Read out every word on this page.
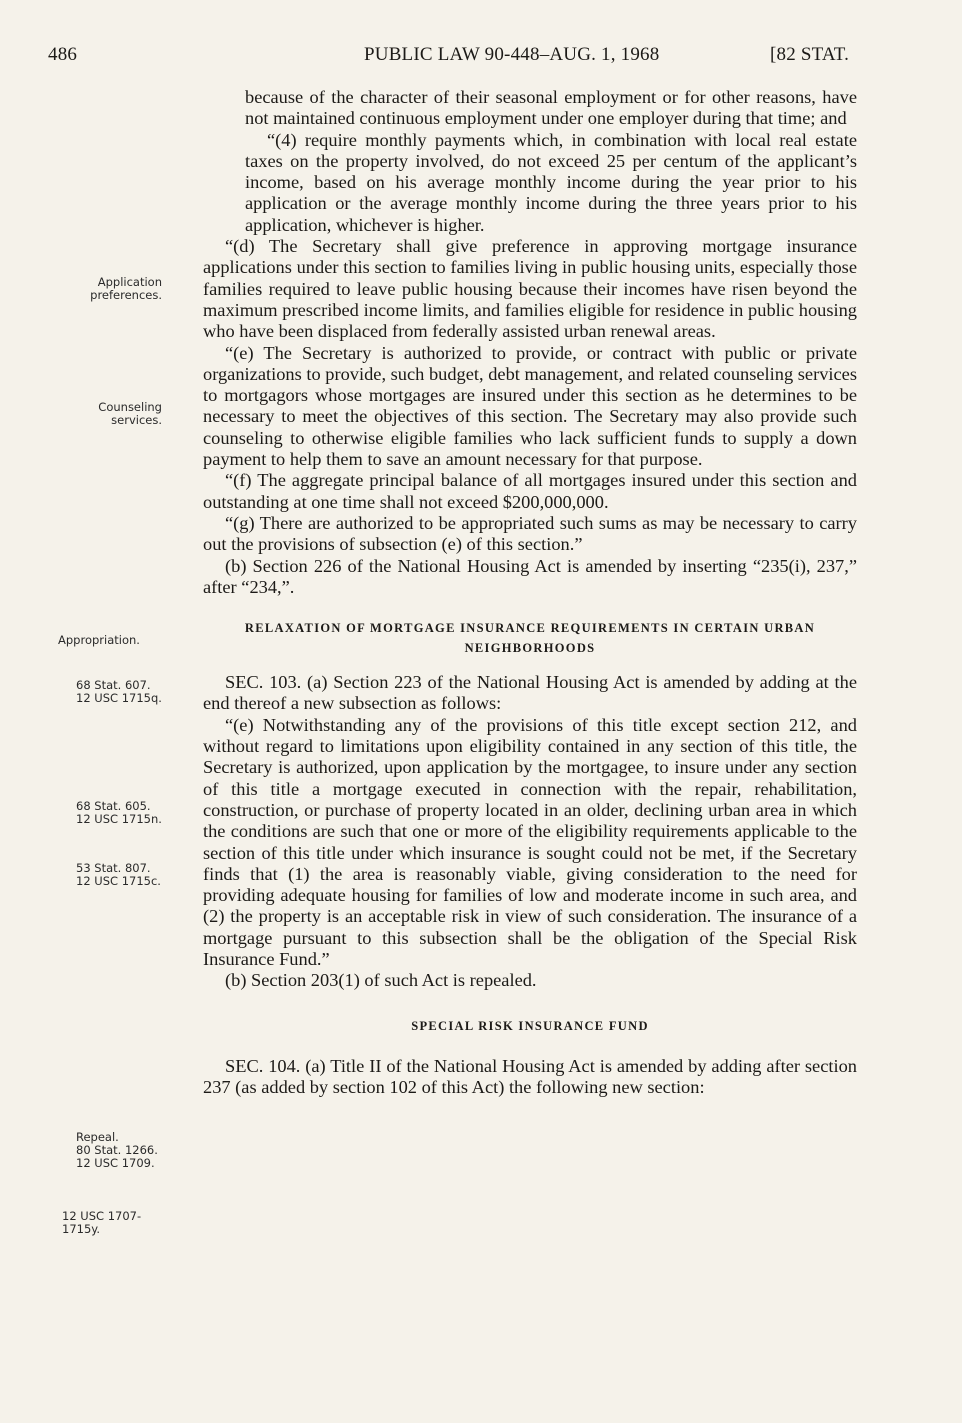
486	PUBLIC LAW 90-448–AUG. 1, 1968	[82 STAT.
Application
preferences.
Counseling
services.
Appropriation.
68 Stat. 607.
12 USC 1715q.
68 Stat. 605.
12 USC 1715n.
53 Stat. 807.
12 USC 1715c.
Repeal.
80 Stat. 1266.
12 USC 1709.
12 USC 1707-
1715y.

because of the character of their seasonal employment or for other reasons, have not maintained continuous employment under one employer during that time; and

“(4) require monthly payments which, in combination with local real estate taxes on the property involved, do not exceed 25 per centum of the applicant’s income, based on his average monthly income during the year prior to his application or the average monthly income during the three years prior to his application, whichever is higher.

“(d) The Secretary shall give preference in approving mortgage insurance applications under this section to families living in public housing units, especially those families required to leave public housing because their incomes have risen beyond the maximum prescribed income limits, and families eligible for residence in public housing who have been displaced from federally assisted urban renewal areas.

“(e) The Secretary is authorized to provide, or contract with public or private organizations to provide, such budget, debt management, and related counseling services to mortgagors whose mortgages are insured under this section as he determines to be necessary to meet the objectives of this section. The Secretary may also provide such counseling to otherwise eligible families who lack sufficient funds to supply a down payment to help them to save an amount necessary for that purpose.

“(f) The aggregate principal balance of all mortgages insured under this section and outstanding at one time shall not exceed $200,000,000.

“(g) There are authorized to be appropriated such sums as may be necessary to carry out the provisions of subsection (e) of this section.”

(b) Section 226 of the National Housing Act is amended by inserting “235(i), 237,” after “234,”.

RELAXATION OF MORTGAGE INSURANCE REQUIREMENTS IN CERTAIN URBAN NEIGHBORHOODS

SEC. 103. (a) Section 223 of the National Housing Act is amended by adding at the end thereof a new subsection as follows:

“(e) Notwithstanding any of the provisions of this title except section 212, and without regard to limitations upon eligibility contained in any section of this title, the Secretary is authorized, upon application by the mortgagee, to insure under any section of this title a mortgage executed in connection with the repair, rehabilitation, construction, or purchase of property located in an older, declining urban area in which the conditions are such that one or more of the eligibility requirements applicable to the section of this title under which insurance is sought could not be met, if the Secretary finds that (1) the area is reasonably viable, giving consideration to the need for providing adequate housing for families of low and moderate income in such area, and (2) the property is an acceptable risk in view of such consideration. The insurance of a mortgage pursuant to this subsection shall be the obligation of the Special Risk Insurance Fund.”

(b) Section 203(1) of such Act is repealed.

SPECIAL RISK INSURANCE FUND

SEC. 104. (a) Title II of the National Housing Act is amended by adding after section 237 (as added by section 102 of this Act) the following new section:
